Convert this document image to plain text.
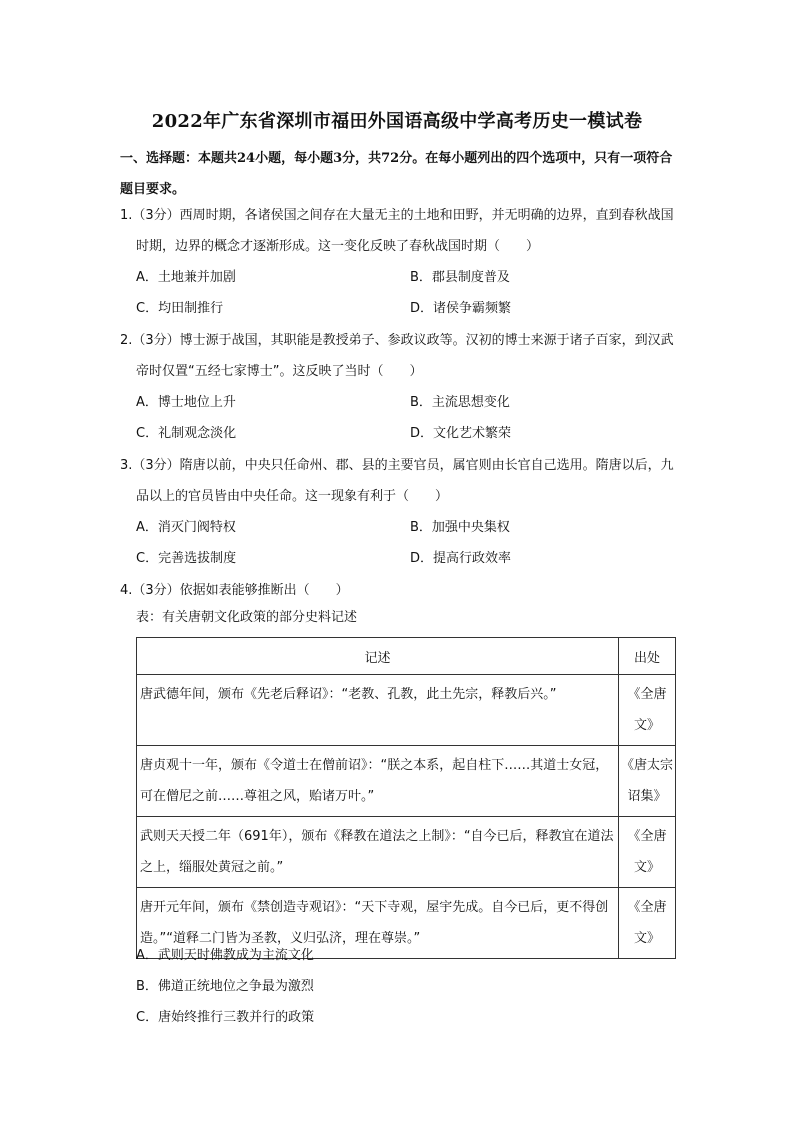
2022年广东省深圳市福田外国语高级中学高考历史一模试卷
一、选择题：本题共24小题，每小题3分，共72分。在每小题列出的四个选项中，只有一项符合题目要求。
1.（3分）西周时期，各诸侯国之间存在大量无主的土地和田野，并无明确的边界，直到春秋战国时期，边界的概念才逐渐形成。这一变化反映了春秋战国时期（　　）
A．土地兼并加剧	B．郡县制度普及
C．均田制推行	D．诸侯争霸频繁
2.（3分）博士源于战国，其职能是教授弟子、参政议政等。汉初的博士来源于诸子百家，到汉武帝时仅置“五经七家博士”。这反映了当时（　　）
A．博士地位上升	B．主流思想变化
C．礼制观念淡化	D．文化艺术繁荣
3.（3分）隋唐以前，中央只任命州、郡、县的主要官员，属官则由长官自己选用。隋唐以后，九品以上的官员皆由中央任命。这一现象有利于（　　）
A．消灭门阀特权	B．加强中央集权
C．完善选拔制度	D．提高行政效率
4.（3分）依据如表能够推断出（　　）
表：有关唐朝文化政策的部分史料记述
记述	出处
唐武德年间，颁布《先老后释诏》：“老教、孔教，此土先宗，释教后兴。”	《全唐文》
唐贞观十一年，颁布《令道士在僧前诏》：“朕之本系，起自柱下……其道士女冠，可在僧尼之前……尊祖之风，贻诸万叶。”	《唐太宗诏集》
武则天天授二年（691年），颁布《释教在道法之上制》：“自今已后，释教宜在道法之上，缁服处黄冠之前。”	《全唐文》
唐开元年间，颁布《禁创造寺观诏》：“天下寺观，屋宇先成。自今已后，更不得创造。”“道释二门皆为圣教，义归弘济，理在尊崇。”	《全唐文》
A．武则天时佛教成为主流文化
B．佛道正统地位之争最为激烈
C．唐始终推行三教并行的政策
